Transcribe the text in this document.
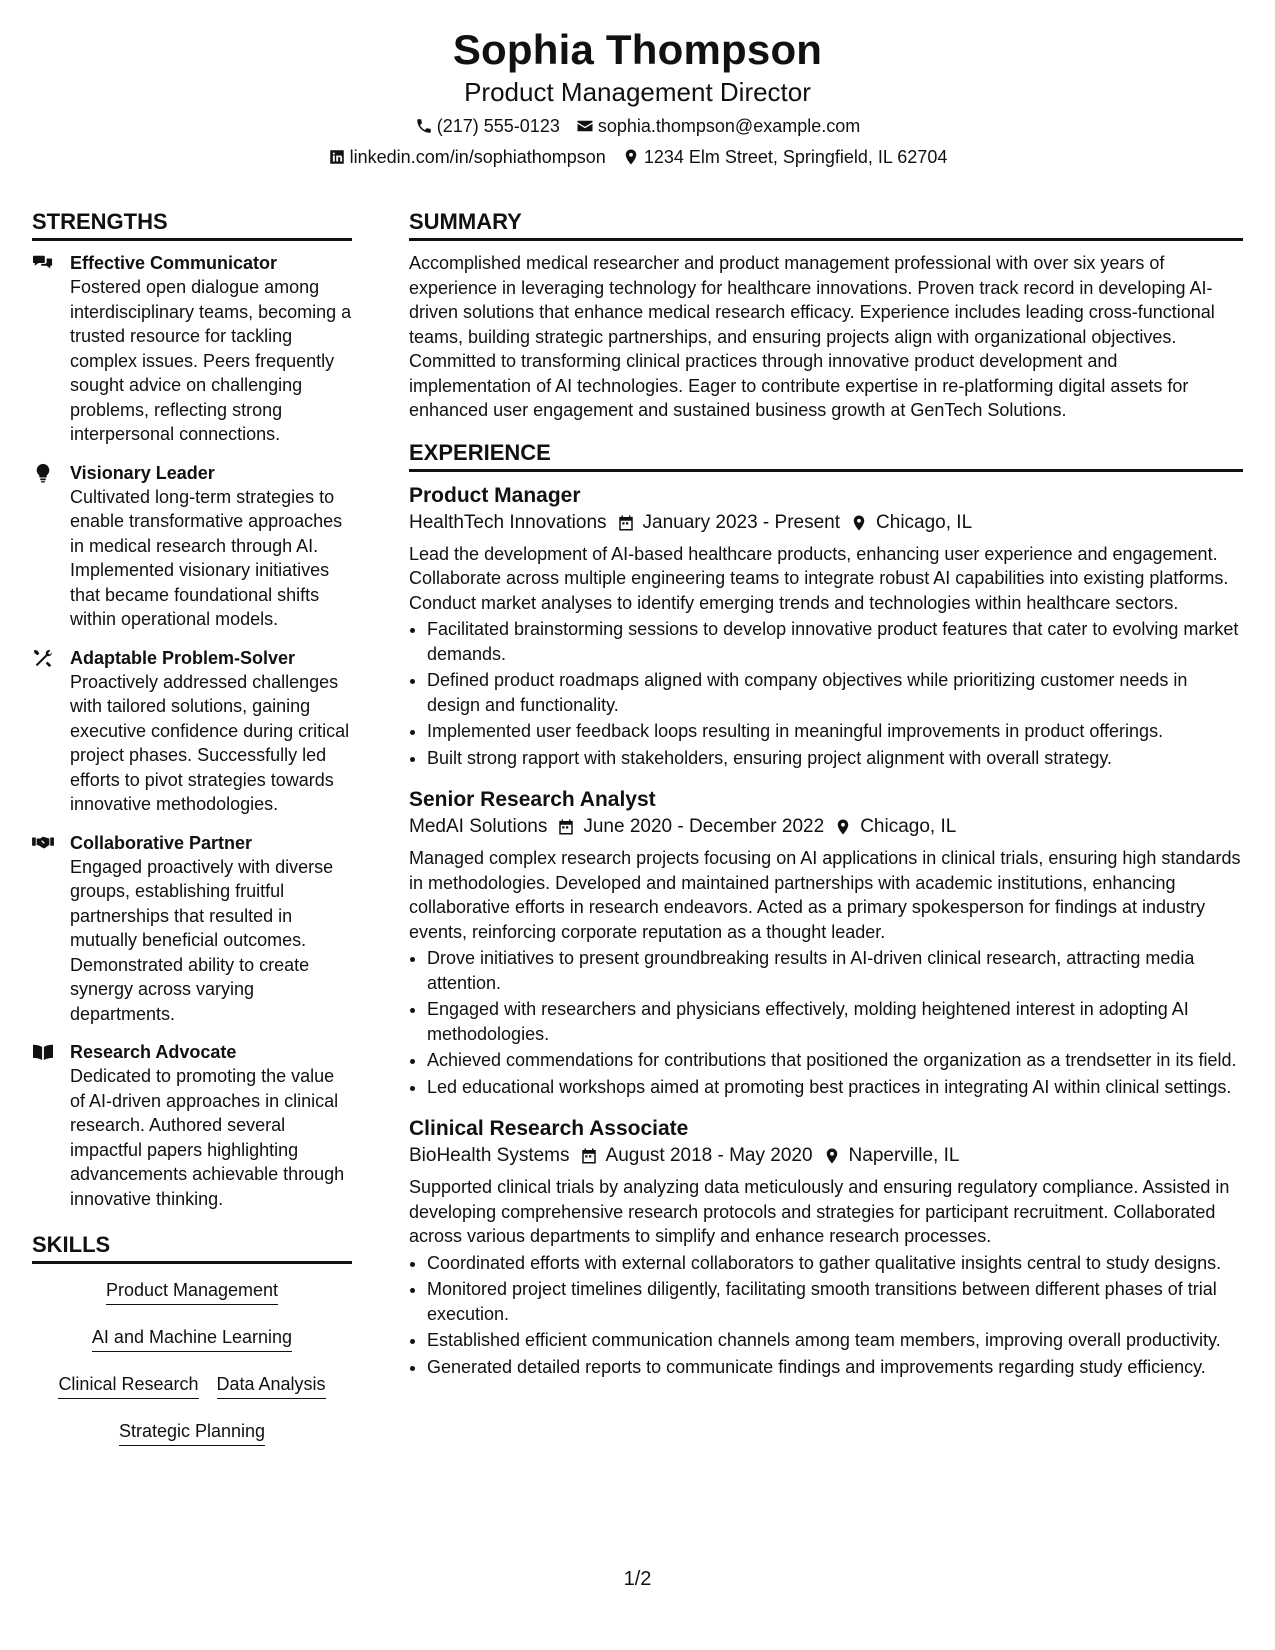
Sophia Thompson
Product Management Director
(217) 555-0123 sophia.thompson@example.com
linkedin.com/in/sophiathompson 1234 Elm Street, Springfield, IL 62704
STRENGTHS
Effective Communicator
Fostered open dialogue among interdisciplinary teams, becoming a trusted resource for tackling complex issues. Peers frequently sought advice on challenging problems, reflecting strong interpersonal connections.
Visionary Leader
Cultivated long-term strategies to enable transformative approaches in medical research through AI. Implemented visionary initiatives that became foundational shifts within operational models.
Adaptable Problem-Solver
Proactively addressed challenges with tailored solutions, gaining executive confidence during critical project phases. Successfully led efforts to pivot strategies towards innovative methodologies.
Collaborative Partner
Engaged proactively with diverse groups, establishing fruitful partnerships that resulted in mutually beneficial outcomes. Demonstrated ability to create synergy across varying departments.
Research Advocate
Dedicated to promoting the value of AI-driven approaches in clinical research. Authored several impactful papers highlighting advancements achievable through innovative thinking.
SKILLS
Product Management
AI and Machine Learning
Clinical Research Data Analysis
Strategic Planning
SUMMARY
Accomplished medical researcher and product management professional with over six years of experience in leveraging technology for healthcare innovations. Proven track record in developing AI-driven solutions that enhance medical research efficacy. Experience includes leading cross-functional teams, building strategic partnerships, and ensuring projects align with organizational objectives. Committed to transforming clinical practices through innovative product development and implementation of AI technologies. Eager to contribute expertise in re-platforming digital assets for enhanced user engagement and sustained business growth at GenTech Solutions.
EXPERIENCE
Product Manager
HealthTech Innovations January 2023 - Present Chicago, IL
Lead the development of AI-based healthcare products, enhancing user experience and engagement. Collaborate across multiple engineering teams to integrate robust AI capabilities into existing platforms. Conduct market analyses to identify emerging trends and technologies within healthcare sectors.
• Facilitated brainstorming sessions to develop innovative product features that cater to evolving market demands.
• Defined product roadmaps aligned with company objectives while prioritizing customer needs in design and functionality.
• Implemented user feedback loops resulting in meaningful improvements in product offerings.
• Built strong rapport with stakeholders, ensuring project alignment with overall strategy.
Senior Research Analyst
MedAI Solutions June 2020 - December 2022 Chicago, IL
Managed complex research projects focusing on AI applications in clinical trials, ensuring high standards in methodologies. Developed and maintained partnerships with academic institutions, enhancing collaborative efforts in research endeavors. Acted as a primary spokesperson for findings at industry events, reinforcing corporate reputation as a thought leader.
• Drove initiatives to present groundbreaking results in AI-driven clinical research, attracting media attention.
• Engaged with researchers and physicians effectively, molding heightened interest in adopting AI methodologies.
• Achieved commendations for contributions that positioned the organization as a trendsetter in its field.
• Led educational workshops aimed at promoting best practices in integrating AI within clinical settings.
Clinical Research Associate
BioHealth Systems August 2018 - May 2020 Naperville, IL
Supported clinical trials by analyzing data meticulously and ensuring regulatory compliance. Assisted in developing comprehensive research protocols and strategies for participant recruitment. Collaborated across various departments to simplify and enhance research processes.
• Coordinated efforts with external collaborators to gather qualitative insights central to study designs.
• Monitored project timelines diligently, facilitating smooth transitions between different phases of trial execution.
• Established efficient communication channels among team members, improving overall productivity.
• Generated detailed reports to communicate findings and improvements regarding study efficiency.
1/2
